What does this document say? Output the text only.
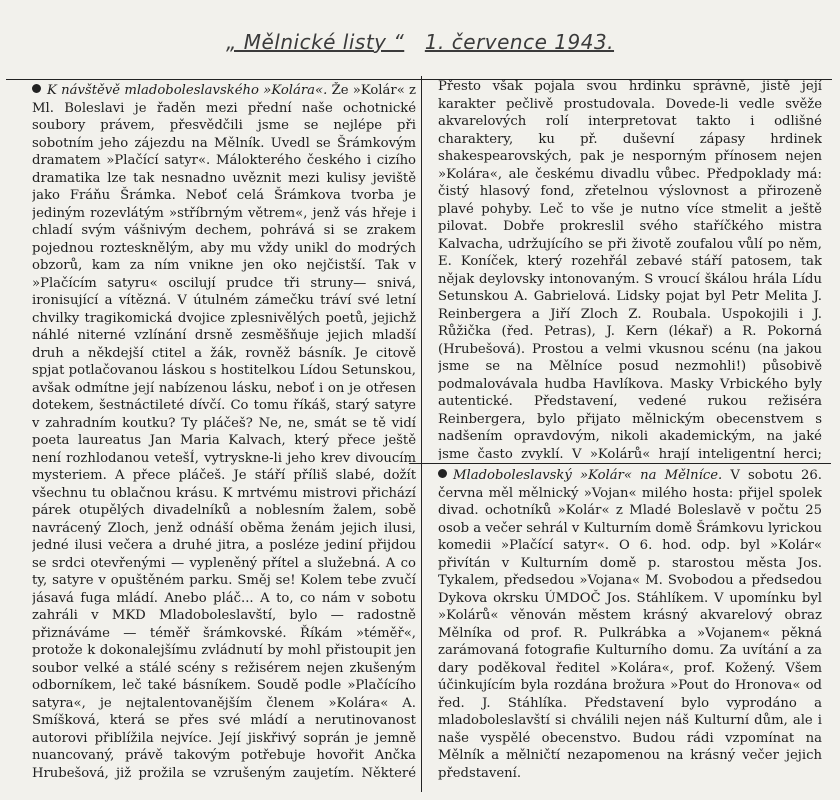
„ Mělnické listy “ 1. července 1943.

K návštěvě mladoboleslavského »Kolára«. Že »Kolár« z Ml. Boleslavi je řaděn mezi přední naše ochotnické soubory právem, přesvědčili jsme se nejlépe při sobotním jeho zájezdu na Mělník. Uvedl se Šrámkovým dramatem »Plačící satyr«. Málokterého českého i cizího dramatika lze tak nesnadno uvěznit mezi kulisy jeviště jako Fráňu Šrámka. Neboť celá Šrámkova tvorba je jediným rozevlátým »stříbrným větrem«, jenž vás hřeje i chladí svým vášnivým dechem, pohrává si se zrakem pojednou roztesknělým, aby mu vždy unikl do modrých obzorů, kam za ním vnikne jen oko nejčistší. Tak v »Plačícím satyru« oscilují prudce tři struny— snivá, ironisující a vítězná. V útulném zámečku tráví své letní chvilky tragikomická dvojice zplesnivělých poetů, jejichž náhlé niterné vzlínání drsně zesměšňuje jejich mladší druh a někdejší ctitel a žák, rovněž básník. Je citově spjat potlačovanou láskou s hostitelkou Lídou Setunskou, avšak odmítne její nabízenou lásku, neboť i on je otřesen dotekem, šestnáctileté dívčí. Co tomu říkáš, starý satyre v zahradním koutku? Ty pláčeš? Ne, ne, smát se tě vidí poeta laureatus Jan Maria Kalvach, který přece ještě není rozhlodanou vetešÍ, vytryskne-li jeho krev divoucím mysteriem. A přece pláčeš. Je stáří příliš slabé, dožít všechnu tu oblačnou krásu. K mrtvému mistrovi přichází párek otupělých divadelníků a noblesním žalem, sobě navrácený Zloch, jenž odnáší oběma ženám jejich ilusi, jedné ilusi večera a druhé jitra, a posléze jediní přijdou se srdci otevřenými — vypleněný přítel a služebná. A co ty, satyre v opuštěném parku. Směj se! Kolem tebe zvučí jásavá fuga mládí. Anebo pláč... A to, co nám v sobotu zahráli v MKD Mladoboleslavští, bylo — radostně přiznáváme — téměř šrámkovské. Říkám »téměř«, protože k dokonalejšímu zvládnutí by mohl přistoupit jen soubor velké a stálé scény s režisérem nejen zkušeným odborníkem, leč také básníkem. Soudě podle »Plačícího satyra«, je nejtalentovanějším členem »Kolára« A. Smíšková, která se přes své mládí a nerutinovanost autorovi přiblížila nejvíce. Její jiskřivý soprán je jemně nuancovaný, právě takovým potřebuje hovořit Ančka Hrubešová, již prožila se vzrušeným zaujetím. Některé

Přesto však pojala svou hrdinku správně, jistě její karakter pečlivě prostudovala. Dovede-li vedle svěže akvarelových rolí interpretovat takto i odlišné charaktery, ku př. duševní zápasy hrdinek shakespearovských, pak je nesporným přínosem nejen »Kolára«, ale českému divadlu vůbec. Předpoklady má: čistý hlasový fond, zřetelnou výslovnost a přirozeně plavé pohyby. Leč to vše je nutno více stmelit a ještě pilovat. Dobře prokreslil svého staříčkého mistra Kalvacha, udržujícího se při životě zoufalou vůlí po něm, E. Koníček, který rozehřál zebavé stáří patosem, tak nějak deylovsky intonovaným. S vroucí škálou hrála Lídu Setunskou A. Gabrielová. Lidsky pojat byl Petr Melita J. Reinbergera a Jiří Zloch Z. Roubala. Uspokojili i J. Růžička (řed. Petras), J. Kern (lékař) a R. Pokorná (Hrubešová). Prostou a velmi vkusnou scénu (na jakou jsme se na Mělníce posud nezmohli!) působivě podmalovávala hudba Havlíkova. Masky Vrbického byly autentické. Představení, vedené rukou režiséra Reinbergera, bylo přijato mělnickým obecenstvem s nadšením opravdovým, nikoli akademickým, na jaké jsme často zvyklí. V »Kolárů« hrají inteligentní herci;

Mladoboleslavský »Kolár« na Mělníce. V sobotu 26. června měl mělnický »Vojan« milého hosta: přijel spolek divad. ochotníků »Kolár« z Mladé Boleslavě v počtu 25 osob a večer sehrál v Kulturním domě Šrámkovu lyrickou komedii »Plačící satyr«. O 6. hod. odp. byl »Kolár« přivítán v Kulturním domě p. starostou města Jos. Tykalem, předsedou »Vojana« M. Svobodou a předsedou Dykova okrsku ÚMDOČ Jos. Stáhlíkem. V upomínku byl »Kolárů« věnován městem krásný akvarelový obraz Mělníka od prof. R. Pulkrábka a »Vojanem« pěkná zarámovaná fotografie Kulturního domu. Za uvítání a za dary poděkoval ředitel »Kolára«, prof. Kožený. Všem účinkujícím byla rozdána brožura »Pout do Hronova« od řed. J. Stáhlíka. Představení bylo vyprodáno a mladoboleslavští si chválili nejen náš Kulturní dům, ale i naše vyspělé obecenstvo. Budou rádi vzpomínat na Mělník a mělničtí nezapomenou na krásný večer jejich představení.
